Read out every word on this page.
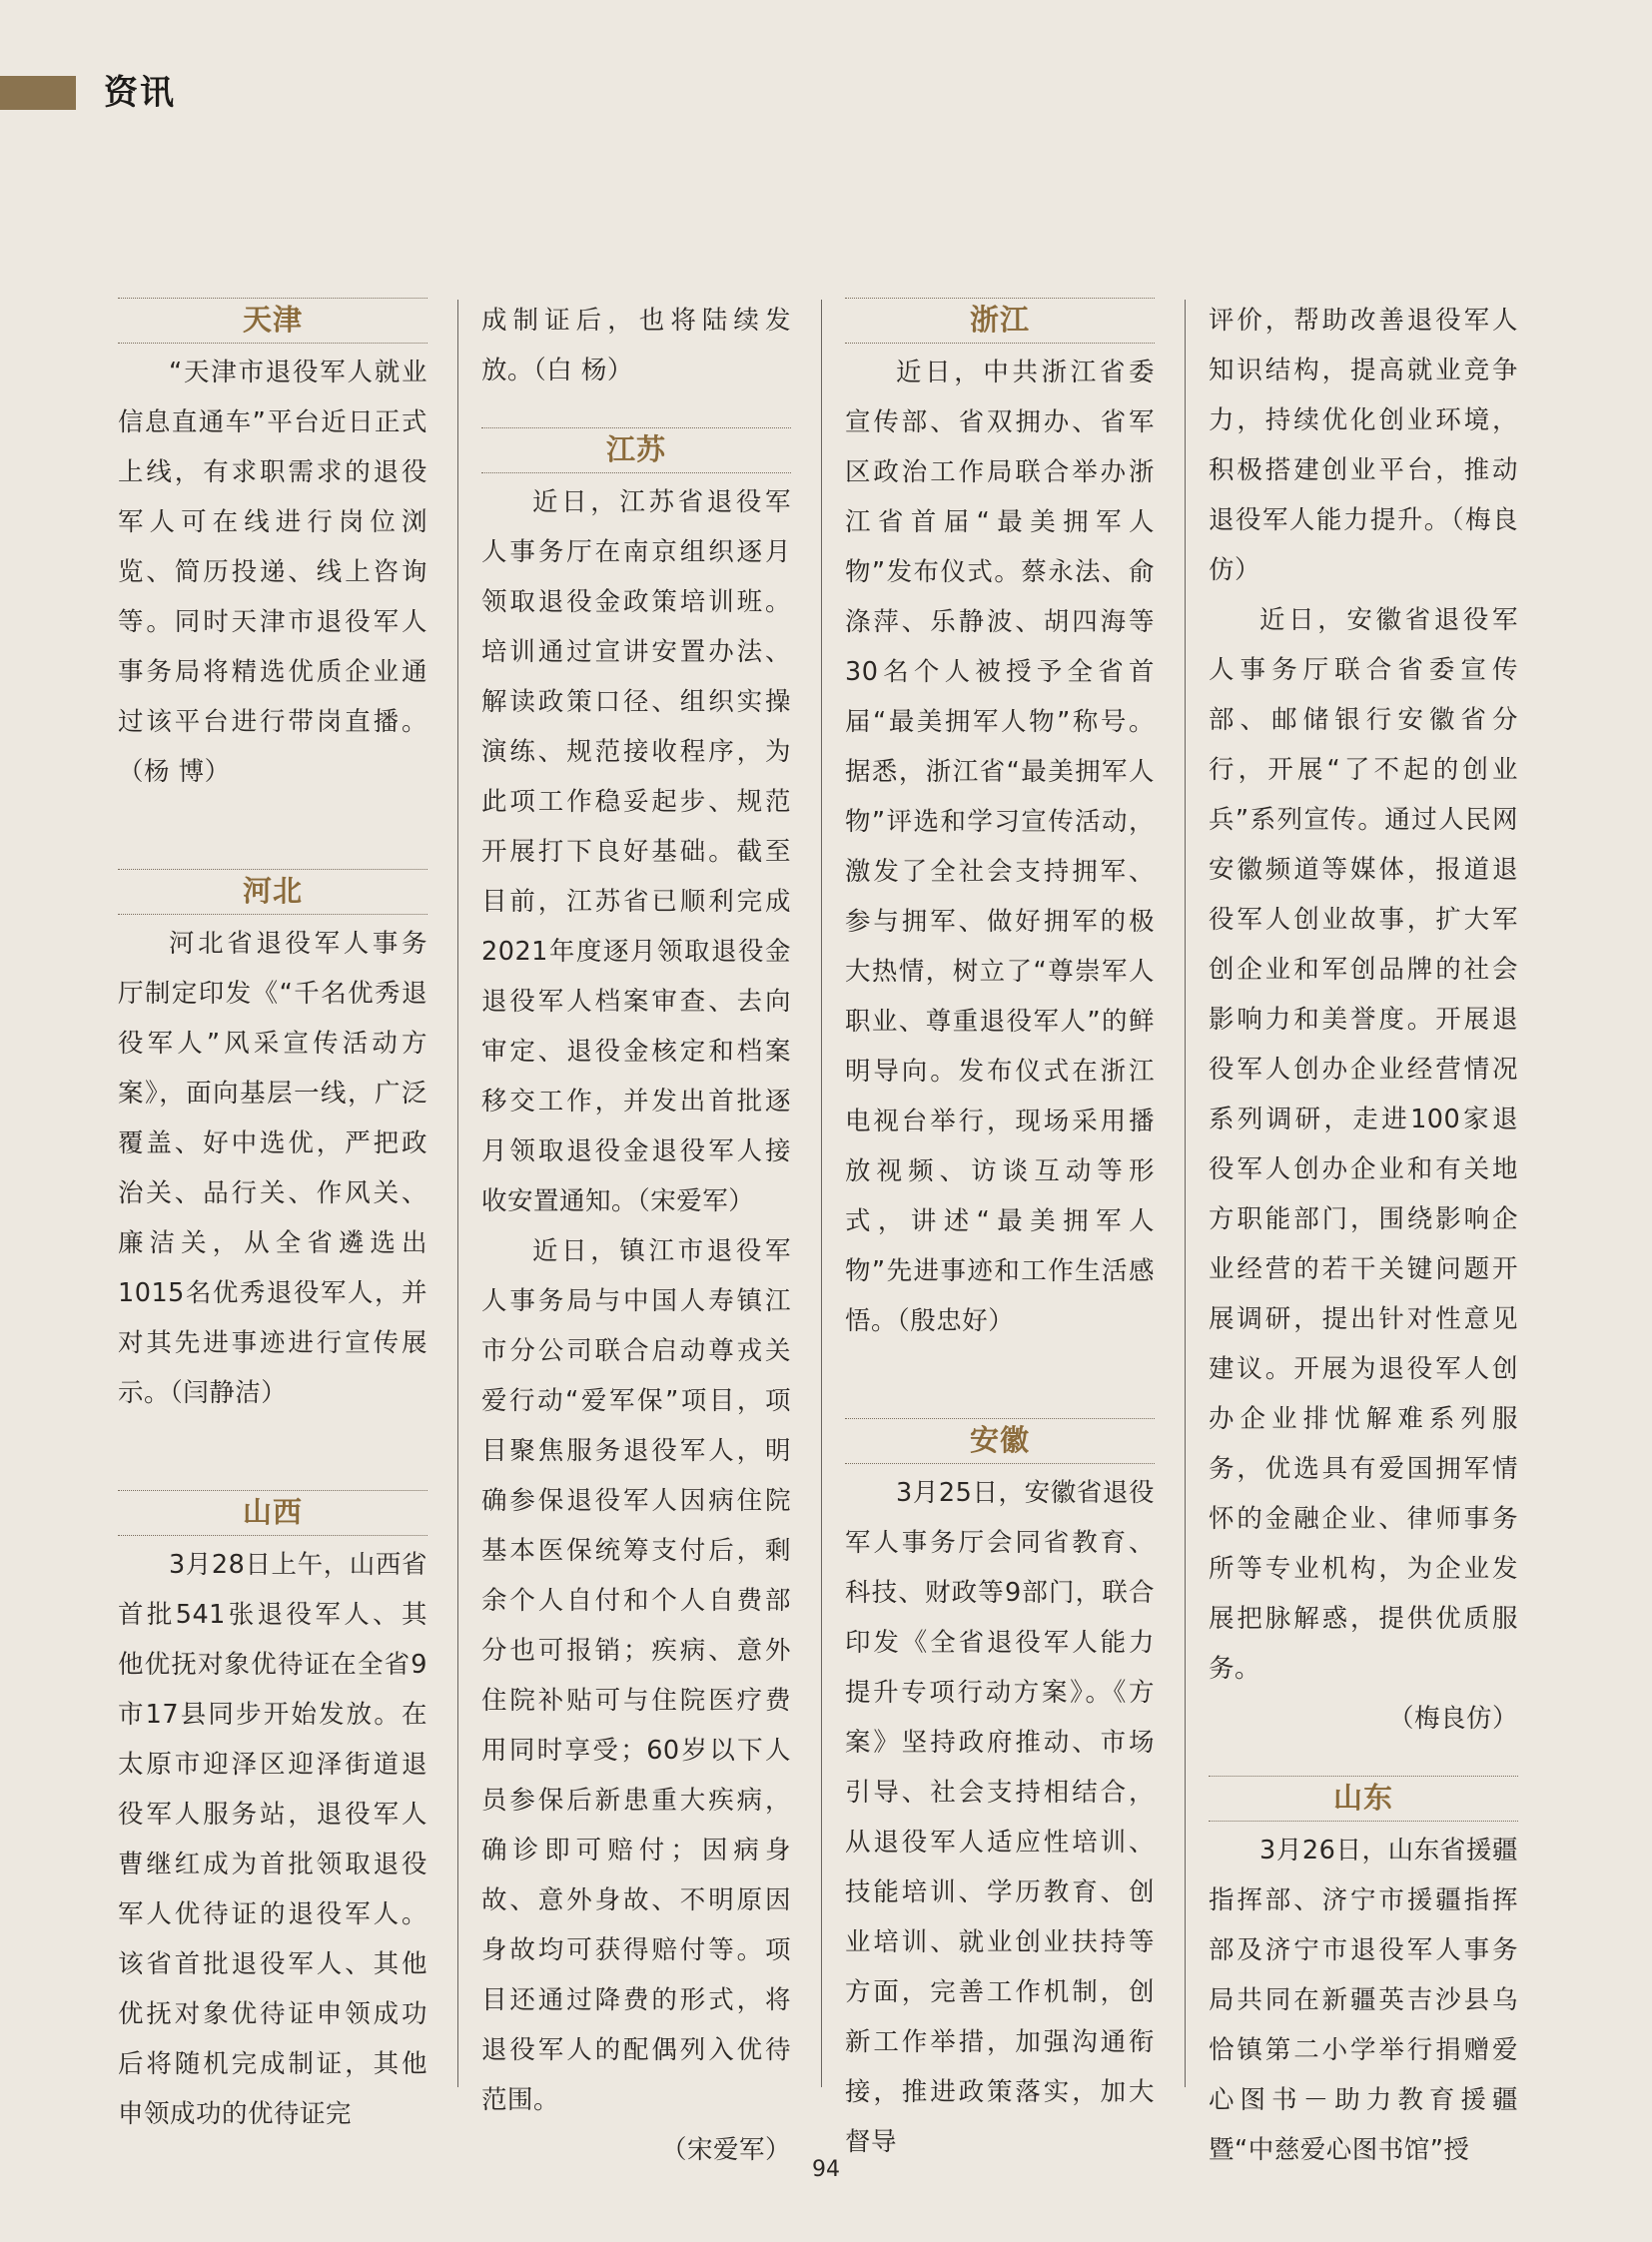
资讯
天津

“天津市退役军人就业信息直通车”平台近日正式上线，有求职需求的退役军人可在线进行岗位浏览、简历投递、线上咨询等。同时天津市退役军人事务局将精选优质企业通过该平台进行带岗直播。（杨 博）

河北

河北省退役军人事务厅制定印发《“千名优秀退役军人”风采宣传活动方案》，面向基层一线，广泛覆盖、好中选优，严把政治关、品行关、作风关、廉洁关，从全省遴选出1015名优秀退役军人，并对其先进事迹进行宣传展示。（闫静洁）

山西

3月28日上午，山西省首批541张退役军人、其他优抚对象优待证在全省9市17县同步开始发放。在太原市迎泽区迎泽街道退役军人服务站，退役军人曹继红成为首批领取退役军人优待证的退役军人。该省首批退役军人、其他优抚对象优待证申领成功后将随机完成制证，其他申领成功的优待证完

成制证后，也将陆续发放。（白 杨）

江苏

近日，江苏省退役军人事务厅在南京组织逐月领取退役金政策培训班。培训通过宣讲安置办法、解读政策口径、组织实操演练、规范接收程序，为此项工作稳妥起步、规范开展打下良好基础。截至目前，江苏省已顺利完成2021年度逐月领取退役金退役军人档案审查、去向审定、退役金核定和档案移交工作，并发出首批逐月领取退役金退役军人接收安置通知。（宋爱军）

近日，镇江市退役军人事务局与中国人寿镇江市分公司联合启动尊戎关爱行动“爱军保”项目，项目聚焦服务退役军人，明确参保退役军人因病住院基本医保统筹支付后，剩余个人自付和个人自费部分也可报销；疾病、意外住院补贴可与住院医疗费用同时享受；60岁以下人员参保后新患重大疾病，确诊即可赔付；因病身故、意外身故、不明原因身故均可获得赔付等。项目还通过降费的形式，将退役军人的配偶列入优待范围。

（宋爱军）
浙江

近日，中共浙江省委宣传部、省双拥办、省军区政治工作局联合举办浙江省首届“最美拥军人物”发布仪式。蔡永法、俞涤萍、乐静波、胡四海等30名个人被授予全省首届“最美拥军人物”称号。据悉，浙江省“最美拥军人物”评选和学习宣传活动，激发了全社会支持拥军、参与拥军、做好拥军的极大热情，树立了“尊崇军人职业、尊重退役军人”的鲜明导向。发布仪式在浙江电视台举行，现场采用播放视频、访谈互动等形式，讲述“最美拥军人物”先进事迹和工作生活感悟。（殷忠好）

安徽

3月25日，安徽省退役军人事务厅会同省教育、科技、财政等9部门，联合印发《全省退役军人能力提升专项行动方案》。《方案》坚持政府推动、市场引导、社会支持相结合，从退役军人适应性培训、技能培训、学历教育、创业培训、就业创业扶持等方面，完善工作机制，创新工作举措，加强沟通衔接，推进政策落实，加大督导

评价，帮助改善退役军人知识结构，提高就业竞争力，持续优化创业环境，积极搭建创业平台，推动退役军人能力提升。（梅良仿）

近日，安徽省退役军人事务厅联合省委宣传部、邮储银行安徽省分行，开展“了不起的创业兵”系列宣传。通过人民网安徽频道等媒体，报道退役军人创业故事，扩大军创企业和军创品牌的社会影响力和美誉度。开展退役军人创办企业经营情况系列调研，走进100家退役军人创办企业和有关地方职能部门，围绕影响企业经营的若干关键问题开展调研，提出针对性意见建议。开展为退役军人创办企业排忧解难系列服务，优选具有爱国拥军情怀的金融企业、律师事务所等专业机构，为企业发展把脉解惑，提供优质服务。

（梅良仿）
山东

3月26日，山东省援疆指挥部、济宁市援疆指挥部及济宁市退役军人事务局共同在新疆英吉沙县乌恰镇第二小学举行捐赠爱心图书－助力教育援疆暨“中慈爱心图书馆”授

94
